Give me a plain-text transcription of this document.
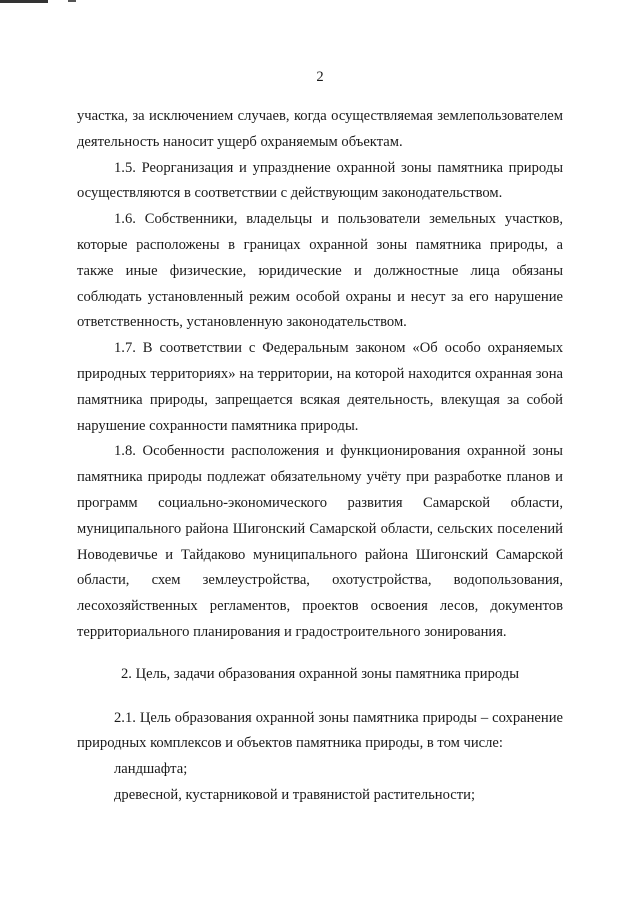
2

участка, за исключением случаев, когда осуществляемая землепользователем деятельность наносит ущерб охраняемым объектам.

1.5. Реорганизация и упразднение охранной зоны памятника природы осуществляются в соответствии с действующим законодательством.

1.6. Собственники, владельцы и пользователи земельных участков, которые расположены в границах охранной зоны памятника природы, а также иные физические, юридические и должностные лица обязаны соблюдать установленный режим особой охраны и несут за его нарушение ответственность, установленную законодательством.

1.7. В соответствии с Федеральным законом «Об особо охраняемых природных территориях» на территории, на которой находится охранная зона памятника природы, запрещается всякая деятельность, влекущая за собой нарушение сохранности памятника природы.

1.8. Особенности расположения и функционирования охранной зоны памятника природы подлежат обязательному учёту при разработке планов и программ социально-экономического развития Самарской области, муниципального района Шигонский Самарской области, сельских поселений Новодевичье и Тайдаково муниципального района Шигонский Самарской области, схем землеустройства, охотустройства, водопользования, лесохозяйственных регламентов, проектов освоения лесов, документов территориального планирования и градостроительного зонирования.

2. Цель, задачи образования охранной зоны памятника природы

2.1. Цель образования охранной зоны памятника природы – сохранение природных комплексов и объектов памятника природы, в том числе:

ландшафта;

древесной, кустарниковой и травянистой растительности;
